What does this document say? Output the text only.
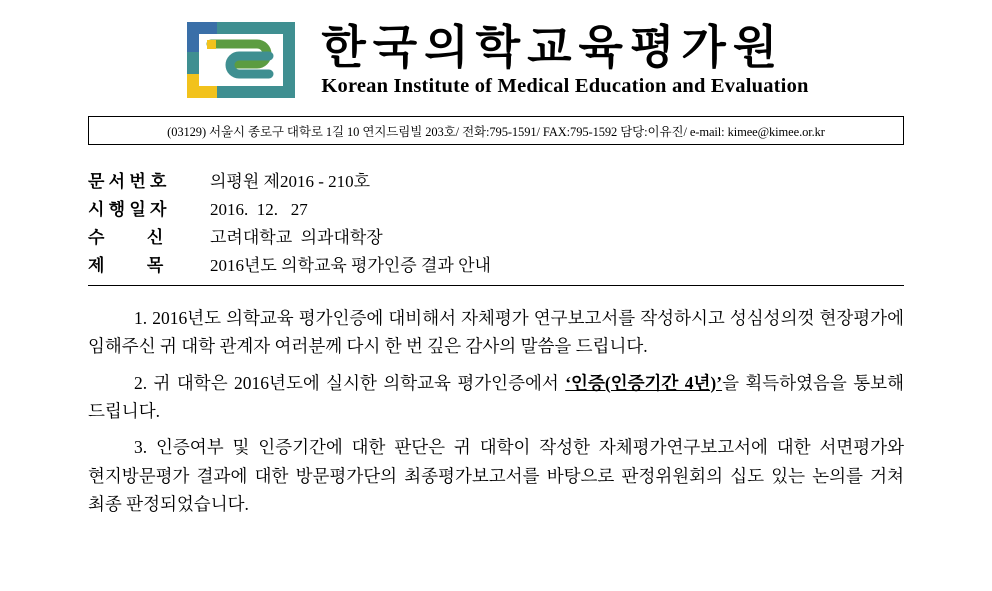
한국의학교육평가원
Korean Institute of Medical Education and Evaluation
(03129) 서울시 종로구 대학로 1길 10 연지드림빌 203호/ 전화:795-1591/ FAX:795-1592 담당:이유진/ e-mail: kimee@kimee.or.kr
문 서 번 호	의평원 제2016 - 210호
시 행 일 자	2016.  12.   27
수          신	고려대학교  의과대학장
제          목	2016년도 의학교육 평가인증 결과 안내

1. 2016년도 의학교육 평가인증에 대비해서 자체평가 연구보고서를 작성하시고 성심성의껏 현장평가에 임해주신 귀 대학 관계자 여러분께 다시 한 번 깊은 감사의 말씀을 드립니다.

2. 귀 대학은 2016년도에 실시한 의학교육 평가인증에서 ‘인증(인증기간 4년)’을 획득하였음을 통보해 드립니다.

3. 인증여부 및 인증기간에 대한 판단은 귀 대학이 작성한 자체평가연구보고서에 대한 서면평가와 현지방문평가 결과에 대한 방문평가단의 최종평가보고서를 바탕으로 판정위원회의 십도 있는 논의를 거쳐 최종 판정되었습니다.
